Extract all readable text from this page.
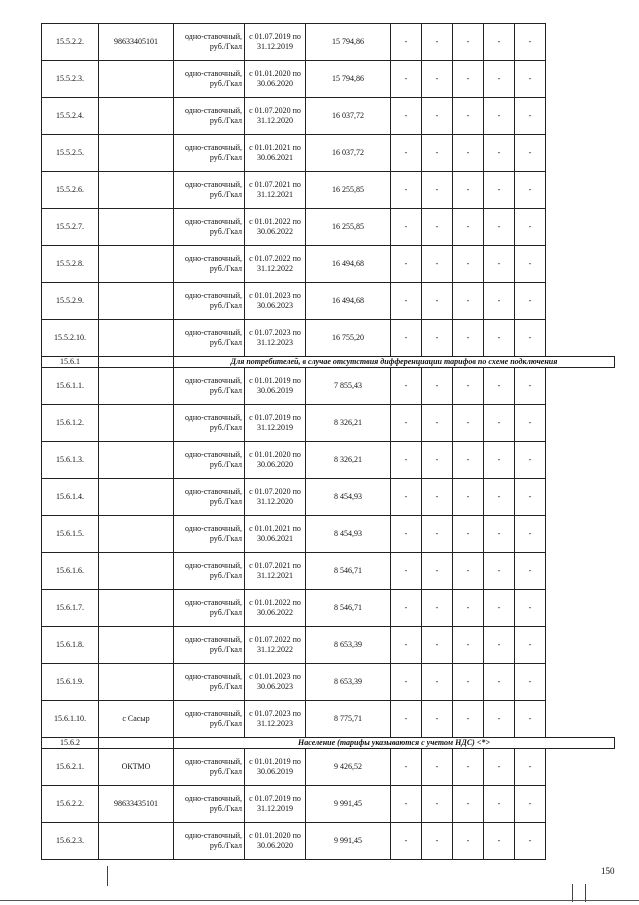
15.5.2.2.	98633405101	одно-ставочный, руб./Гкал	с 01.07.2019 по
31.12.2019	15 794,86	-	-	-	-	-
15.5.2.3.		одно-ставочный, руб./Гкал	с 01.01.2020 по
30.06.2020	15 794,86	-	-	-	-	-
15.5.2.4.		одно-ставочный, руб./Гкал	с 01.07.2020 по
31.12.2020	16 037,72	-	-	-	-	-
15.5.2.5.		одно-ставочный, руб./Гкал	с 01.01.2021 по
30.06.2021	16 037,72	-	-	-	-	-
15.5.2.6.		одно-ставочный, руб./Гкал	с 01.07.2021 по
31.12.2021	16 255,85	-	-	-	-	-
15.5.2.7.		одно-ставочный, руб./Гкал	с 01.01.2022 по
30.06.2022	16 255,85	-	-	-	-	-
15.5.2.8.		одно-ставочный, руб./Гкал	с 01.07.2022 по
31.12.2022	16 494,68	-	-	-	-	-
15.5.2.9.		одно-ставочный, руб./Гкал	с 01.01.2023 по
30.06.2023	16 494,68	-	-	-	-	-
15.5.2.10.		одно-ставочный, руб./Гкал	с 01.07.2023 по
31.12.2023	16 755,20	-	-	-	-	-
15.6.1		Для потребителей, в случае отсутствия дифференциации тарифов по схеме подключения							
15.6.1.1.		одно-ставочный, руб./Гкал	с 01.01.2019 по
30.06.2019	7 855,43	-	-	-	-	-
15.6.1.2.		одно-ставочный, руб./Гкал	с 01.07.2019 по
31.12.2019	8 326,21	-	-	-	-	-
15.6.1.3.		одно-ставочный, руб./Гкал	с 01.01.2020 по
30.06.2020	8 326,21	-	-	-	-	-
15.6.1.4.		одно-ставочный, руб./Гкал	с 01.07.2020 по
31.12.2020	8 454,93	-	-	-	-	-
15.6.1.5.		одно-ставочный, руб./Гкал	с 01.01.2021 по
30.06.2021	8 454,93	-	-	-	-	-
15.6.1.6.		одно-ставочный, руб./Гкал	с 01.07.2021 по
31.12.2021	8 546,71	-	-	-	-	-
15.6.1.7.		одно-ставочный, руб./Гкал	с 01.01.2022 по
30.06.2022	8 546,71	-	-	-	-	-
15.6.1.8.		одно-ставочный, руб./Гкал	с 01.07.2022 по
31.12.2022	8 653,39	-	-	-	-	-
15.6.1.9.		одно-ставочный, руб./Гкал	с 01.01.2023 по
30.06.2023	8 653,39	-	-	-	-	-
15.6.1.10.	с Сасыр	одно-ставочный, руб./Гкал	с 01.07.2023 по
31.12.2023	8 775,71	-	-	-	-	-
15.6.2		Население (тарифы указываются с учетом НДС) <*>							
15.6.2.1.	ОКТМО	одно-ставочный, руб./Гкал	с 01.01.2019 по
30.06.2019	9 426,52	-	-	-	-	-
15.6.2.2.	98633435101	одно-ставочный, руб./Гкал	с 01.07.2019 по
31.12.2019	9 991,45	-	-	-	-	-
15.6.2.3.		одно-ставочный, руб./Гкал	с 01.01.2020 по
30.06.2020	9 991,45	-	-	-	-	-
150
